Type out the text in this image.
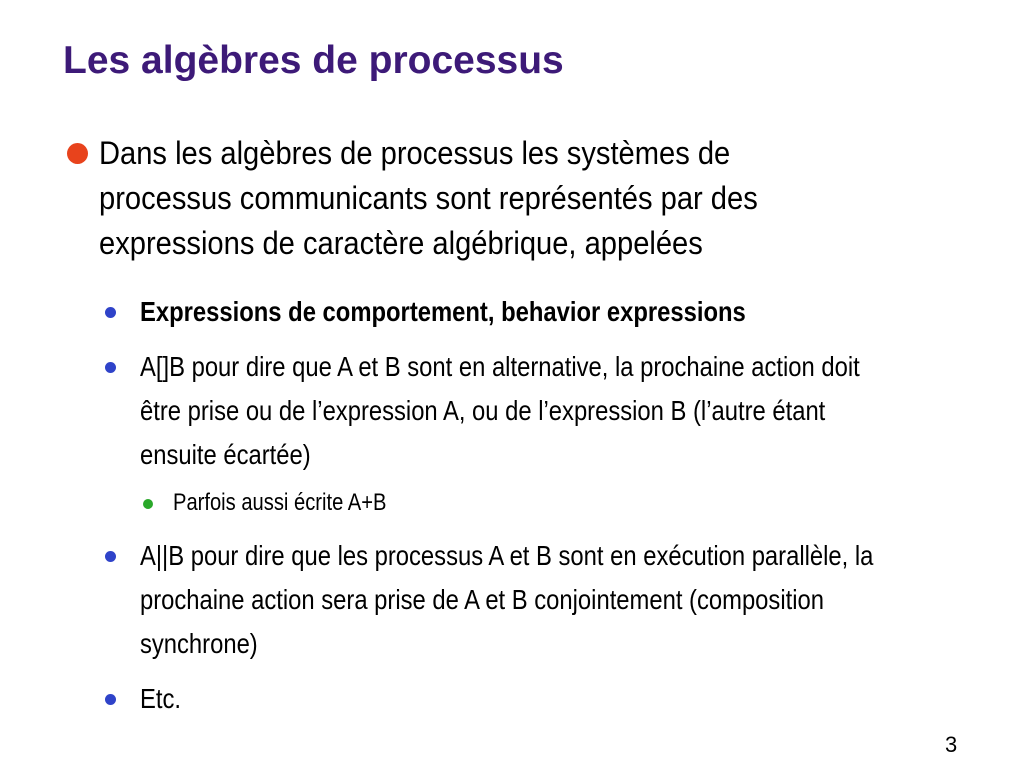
Les algèbres de processus
Dans les algèbres de processus les systèmes de processus communicants sont représentés par des expressions de caractère algébrique, appelées
Expressions de comportement, behavior expressions
A[]B pour dire que A et B sont en alternative, la prochaine action doit être prise ou de l’expression A, ou de l’expression B (l’autre étant ensuite écartée)
Parfois aussi écrite A+B
A||B pour dire que les processus A et B sont en exécution parallèle, la prochaine action sera prise de A et B conjointement (composition synchrone)
Etc.
3
